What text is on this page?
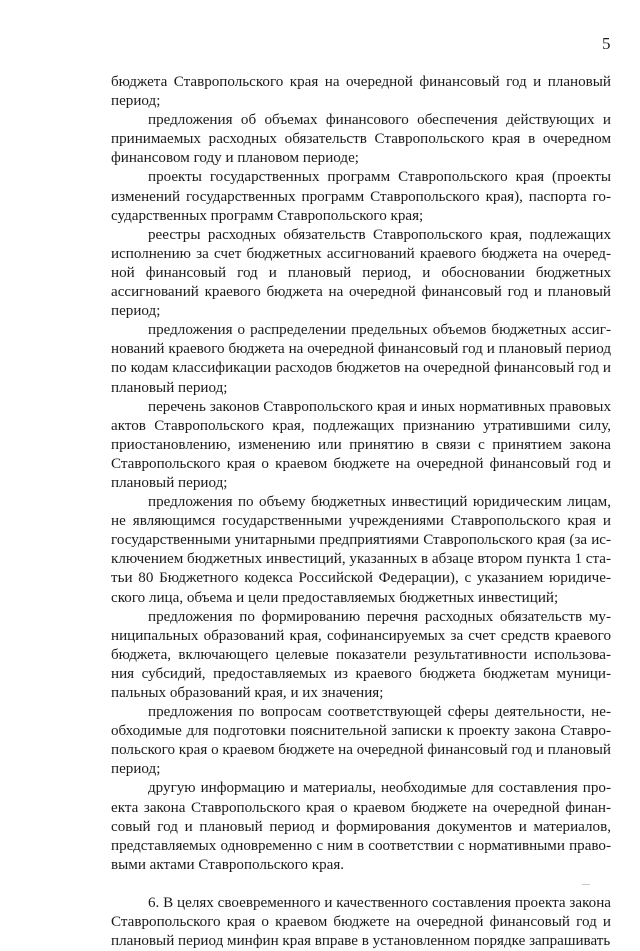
5

бюджета Ставропольского края на очередной финансовый год и плановый период;

предложения об объемах финансового обеспечения действующих и принимаемых расходных обязательств Ставропольского края в очередном финансовом году и плановом периоде;

проекты государственных программ Ставропольского края (проекты изменений государственных программ Ставропольского края), паспорта государственных программ Ставропольского края;

реестры расходных обязательств Ставропольского края, подлежащих исполнению за счет бюджетных ассигнований краевого бюджета на очередной финансовый год и плановый период, и обосновании бюджетных ассигнований краевого бюджета на очередной финансовый год и плановый период;

предложения о распределении предельных объемов бюджетных ассигнований краевого бюджета на очередной финансовый год и плановый период по кодам классификации расходов бюджетов на очередной финансовый год и плановый период;

перечень законов Ставропольского края и иных нормативных правовых актов Ставропольского края, подлежащих признанию утратившими силу, приостановлению, изменению или принятию в связи с принятием закона Ставропольского края о краевом бюджете на очередной финансовый год и плановый период;

предложения по объему бюджетных инвестиций юридическим лицам, не являющимся государственными учреждениями Ставропольского края и государственными унитарными предприятиями Ставропольского края (за исключением бюджетных инвестиций, указанных в абзаце втором пункта 1 статьи 80 Бюджетного кодекса Российской Федерации), с указанием юридического лица, объема и цели предоставляемых бюджетных инвестиций;

предложения по формированию перечня расходных обязательств муниципальных образований края, софинансируемых за счет средств краевого бюджета, включающего целевые показатели результативности использования субсидий, предоставляемых из краевого бюджета бюджетам муниципальных образований края, и их значения;

предложения по вопросам соответствующей сферы деятельности, необходимые для подготовки пояснительной записки к проекту закона Ставропольского края о краевом бюджете на очередной финансовый год и плановый период;

другую информацию и материалы, необходимые для составления проекта закона Ставропольского края о краевом бюджете на очередной финансовый год и плановый период и формирования документов и материалов, представляемых одновременно с ним в соответствии с нормативными правовыми актами Ставропольского края.

6. В целях своевременного и качественного составления проекта закона Ставропольского края о краевом бюджете на очередной финансовый год и плановый период минфин края вправе в установленном порядке запрашивать
